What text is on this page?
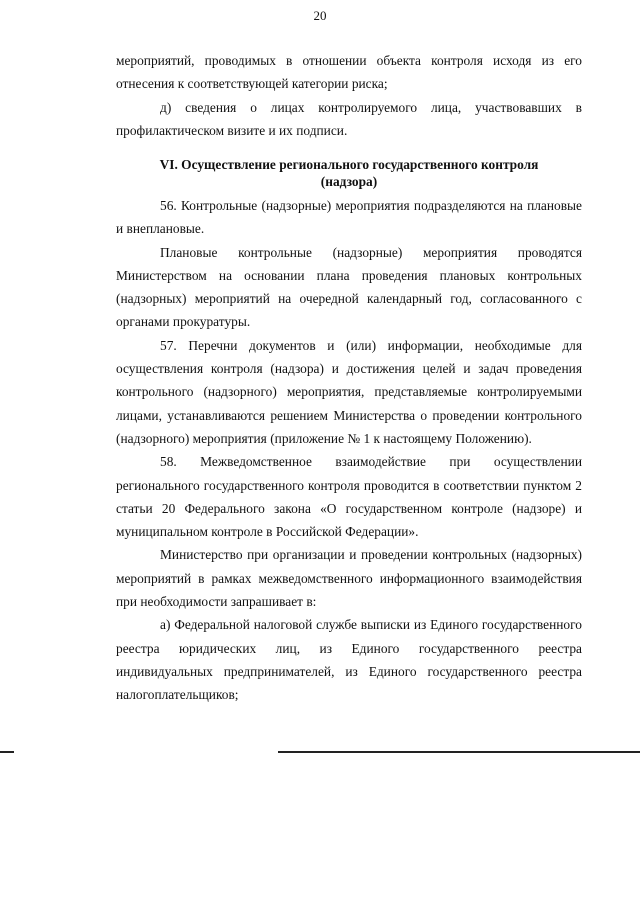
20

мероприятий, проводимых в отношении объекта контроля исходя из его отнесения к соответствующей категории риска;

д) сведения о лицах контролируемого лица, участвовавших в профилактическом визите и их подписи.

VI. Осуществление регионального государственного контроля
(надзора)

56. Контрольные (надзорные) мероприятия подразделяются на плановые и внеплановые.

Плановые контрольные (надзорные) мероприятия проводятся Министерством на основании плана проведения плановых контрольных (надзорных) мероприятий на очередной календарный год, согласованного с органами прокуратуры.

57. Перечни документов и (или) информации, необходимые для осуществления контроля (надзора) и достижения целей и задач проведения контрольного (надзорного) мероприятия, представляемые контролируемыми лицами, устанавливаются решением Министерства о проведении контрольного (надзорного) мероприятия (приложение № 1 к настоящему Положению).

58. Межведомственное взаимодействие при осуществлении регионального государственного контроля проводится в соответствии пунктом 2 статьи 20 Федерального закона «О государственном контроле (надзоре) и муниципальном контроле в Российской Федерации».

Министерство при организации и проведении контрольных (надзорных) мероприятий в рамках межведомственного информационного взаимодействия при необходимости запрашивает в:

а) Федеральной налоговой службе выписки из Единого государственного реестра юридических лиц, из Единого государственного реестра индивидуальных предпринимателей, из Единого государственного реестра налогоплательщиков;
